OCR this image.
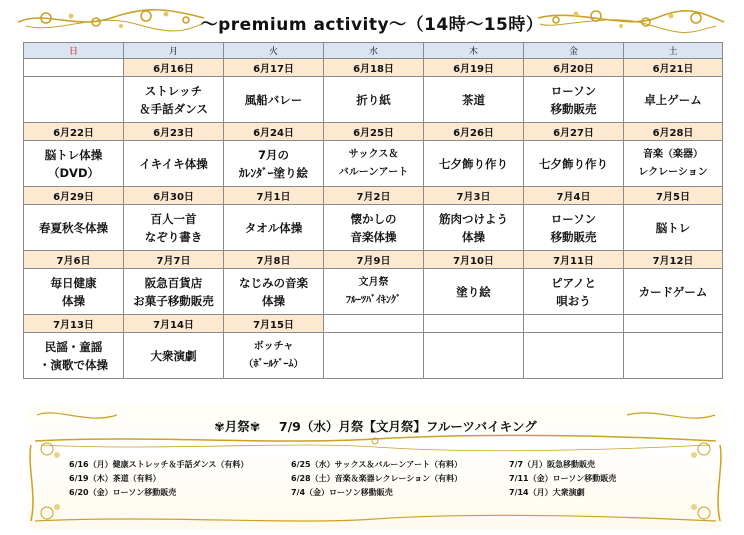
～premium activity～（14時～15時）
日	月	火	水	木	金	土
	6月16日	6月17日	6月18日	6月19日	6月20日	6月21日
	ストレッチ
＆手話ダンス	風船バレー	折り紙	茶道	ローソン
移動販売	卓上ゲーム
6月22日	6月23日	6月24日	6月25日	6月26日	6月27日	6月28日
脳トレ体操
（DVD）	イキイキ体操	7月の
ｶﾚﾝﾀﾞｰ塗り絵	サックス＆
バルーンアート	七夕飾り作り	七夕飾り作り	音楽（楽器）
レクレーション
6月29日	6月30日	7月1日	7月2日	7月3日	7月4日	7月5日
春夏秋冬体操	百人一首
なぞり書き	タオル体操	懐かしの
音楽体操	筋肉つけよう
体操	ローソン
移動販売	脳トレ
7月6日	7月7日	7月8日	7月9日	7月10日	7月11日	7月12日
毎日健康
体操	阪急百貨店
お菓子移動販売	なじみの音楽
体操	文月祭
ﾌﾙｰﾂﾊﾞｲｷﾝｸﾞ	塗り絵	ピアノと
唄おう	カードゲーム
7月13日	7月14日	7月15日				
民謡・童謡
・演歌で体操	大衆演劇	ボッチャ
（ﾎﾞｰﾙｹﾞｰﾑ）				
✾月祭✾ 7/9（水）月祭【文月祭】フルーツバイキング
6/16（月）健康ストレッチ＆手話ダンス（有料）
6/19（木）茶道（有料）
6/20（金）ローソン移動販売
6/25（水）サックス＆バルーンアート（有料）
6/28（土）音楽＆楽器レクレーション（有料）
7/4（金）ローソン移動販売
7/7（月）阪急移動販売
7/11（金）ローソン移動販売
7/14（月）大衆演劇
